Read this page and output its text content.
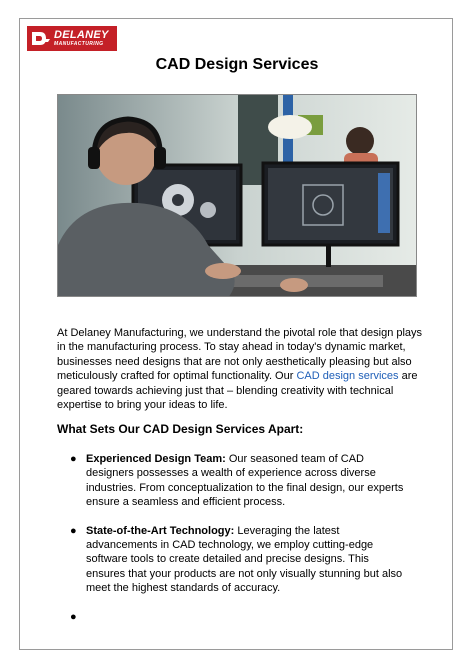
DELANEY
MANUFACTURING
CAD Design Services
At Delaney Manufacturing, we understand the pivotal role that design plays in the manufacturing process. To stay ahead in today's dynamic market, businesses need designs that are not only aesthetically pleasing but also meticulously crafted for optimal functionality. Our CAD design services are geared towards achieving just that – blending creativity with technical expertise to bring your ideas to life.
What Sets Our CAD Design Services Apart:
● Experienced Design Team: Our seasoned team of CAD designers possesses a wealth of experience across diverse industries. From conceptualization to the final design, our experts ensure a seamless and efficient process.
● State-of-the-Art Technology: Leveraging the latest advancements in CAD technology, we employ cutting-edge software tools to create detailed and precise designs. This ensures that your products are not only visually stunning but also meet the highest standards of accuracy.
●
